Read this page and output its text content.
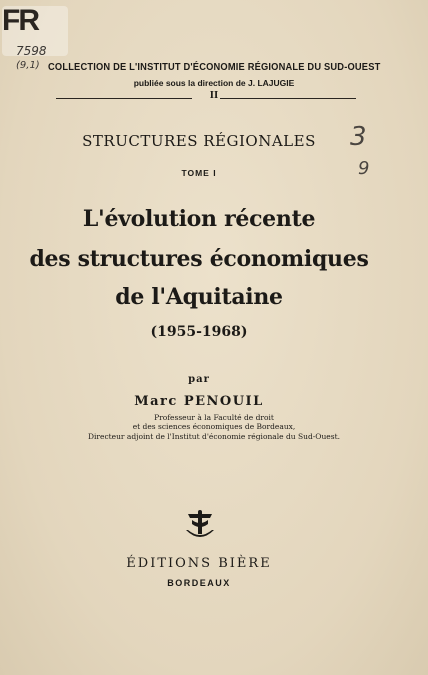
FR
7598
(9,1)
3
9
COLLECTION DE L'INSTITUT D'ÉCONOMIE RÉGIONALE DU SUD-OUEST
publiée sous la direction de J. LAJUGIE
II
STRUCTURES RÉGIONALES
TOME I
L'évolution récente
des structures économiques
de l'Aquitaine
(1955-1968)
par
Marc PENOUIL
Professeur à la Faculté de droit
et des sciences économiques de Bordeaux,
Directeur adjoint de l'Institut d'économie régionale du Sud-Ouest.
ÉDITIONS BIÈRE
BORDEAUX
